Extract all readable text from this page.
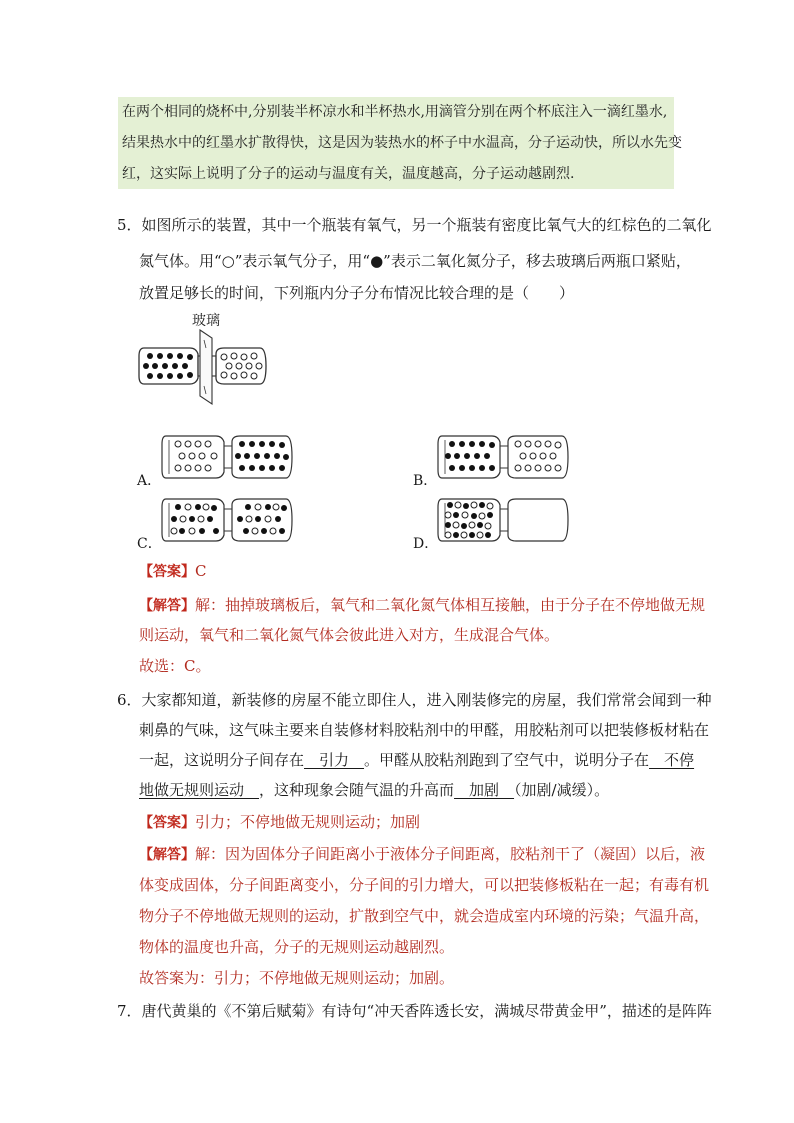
在两个相同的烧杯中,分别装半杯凉水和半杯热水,用滴管分别在两个杯底注入一滴红墨水,
结果热水中的红墨水扩散得快，这是因为装热水的杯子中水温高，分子运动快，所以水先变
红，这实际上说明了分子的运动与温度有关，温度越高，分子运动越剧烈.
5．如图所示的装置，其中一个瓶装有氧气，另一个瓶装有密度比氧气大的红棕色的二氧化
氮气体。用“○”表示氧气分子，用“●”表示二氧化氮分子，移去玻璃后两瓶口紧贴，
放置足够长的时间，下列瓶内分子分布情况比较合理的是（　　）
玻璃
A．	B．
C．	D．
【答案】C
【解答】解：抽掉玻璃板后，氧气和二氧化氮气体相互接触，由于分子在不停地做无规
则运动，氧气和二氧化氮气体会彼此进入对方，生成混合气体。
故选：C。
6．大家都知道，新装修的房屋不能立即住人，进入刚装修完的房屋，我们常常会闻到一种
刺鼻的气味，这气味主要来自装修材料胶粘剂中的甲醛，用胶粘剂可以把装修板材粘在
一起，这说明分子间存在　引力　。甲醛从胶粘剂跑到了空气中，说明分子在　不停
地做无规则运动　，这种现象会随气温的升高而　加剧　（加剧/减缓）。
【答案】引力；不停地做无规则运动；加剧
【解答】解：因为固体分子间距离小于液体分子间距离，胶粘剂干了（凝固）以后，液
体变成固体，分子间距离变小，分子间的引力增大，可以把装修板粘在一起；有毒有机
物分子不停地做无规则的运动，扩散到空气中，就会造成室内环境的污染；气温升高，
物体的温度也升高，分子的无规则运动越剧烈。
故答案为：引力；不停地做无规则运动；加剧。
7．唐代黄巢的《不第后赋菊》有诗句“冲天香阵透长安，满城尽带黄金甲”，描述的是阵阵
